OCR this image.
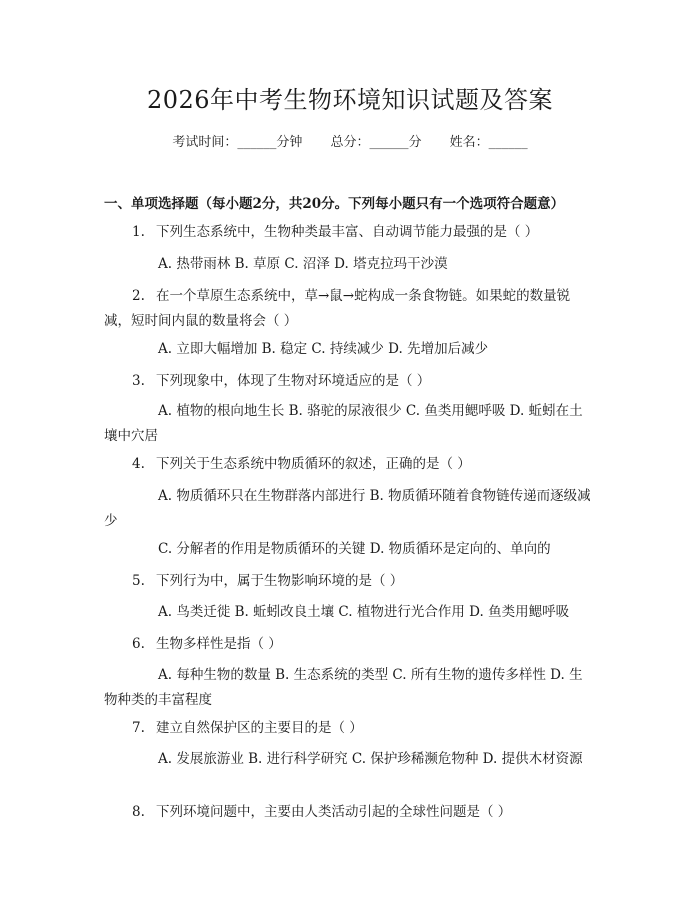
2026年中考生物环境知识试题及答案
考试时间：______分钟 总分：______分 姓名：______
一、单项选择题（每小题2分，共20分。下列每小题只有一个选项符合题意）
1. 下列生态系统中，生物种类最丰富、自动调节能力最强的是（ ）
A. 热带雨林 B. 草原 C. 沼泽 D. 塔克拉玛干沙漠
2. 在一个草原生态系统中，草→鼠→蛇构成一条食物链。如果蛇的数量锐减，短时间内鼠的数量将会（ ）
A. 立即大幅增加 B. 稳定 C. 持续减少 D. 先增加后减少
3. 下列现象中，体现了生物对环境适应的是（ ）
A. 植物的根向地生长 B. 骆驼的尿液很少 C. 鱼类用鳃呼吸 D. 蚯蚓在土壤中穴居
4. 下列关于生态系统中物质循环的叙述，正确的是（ ）
A. 物质循环只在生物群落内部进行 B. 物质循环随着食物链传递而逐级减少
C. 分解者的作用是物质循环的关键 D. 物质循环是定向的、单向的
5. 下列行为中，属于生物影响环境的是（ ）
A. 鸟类迁徙 B. 蚯蚓改良土壤 C. 植物进行光合作用 D. 鱼类用鳃呼吸
6. 生物多样性是指（ ）
A. 每种生物的数量 B. 生态系统的类型 C. 所有生物的遗传多样性 D. 生物种类的丰富程度
7. 建立自然保护区的主要目的是（ ）
A. 发展旅游业 B. 进行科学研究 C. 保护珍稀濒危物种 D. 提供木材资源
8. 下列环境问题中，主要由人类活动引起的全球性问题是（ ）
